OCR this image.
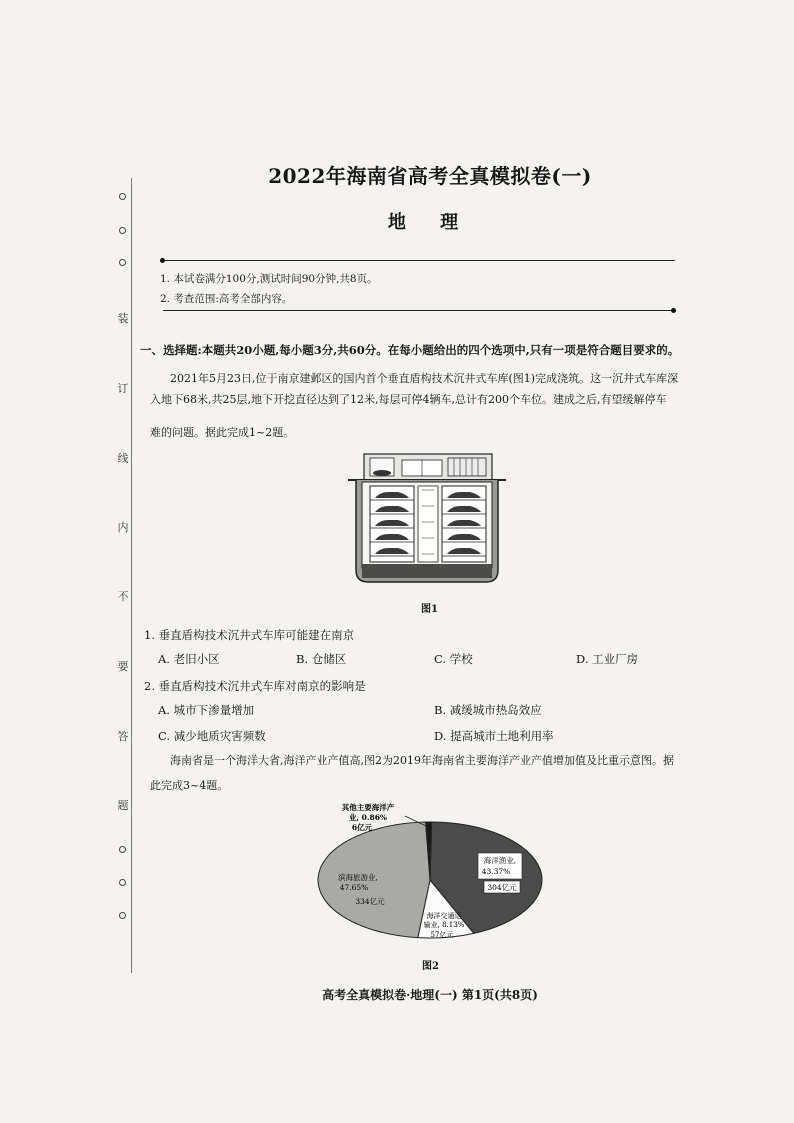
装
订
线
内
不
要
答
题
2022年海南省高考全真模拟卷(一)
地 理
1. 本试卷满分100分,测试时间90分钟,共8页。
2. 考查范围:高考全部内容。
一、选择题:本题共20小题,每小题3分,共60分。在每小题给出的四个选项中,只有一项是符合题目要求的。
2021年5月23日,位于南京建邺区的国内首个垂直盾构技术沉井式车库(图1)完成浇筑。这一沉井式车库深
入地下68米,共25层,地下开挖直径达到了12米,每层可停4辆车,总计有200个车位。建成之后,有望缓解停车
难的问题。据此完成1~2题。
图1
1. 垂直盾构技术沉井式车库可能建在南京
A. 老旧小区	B. 仓储区	C. 学校	D. 工业厂房
2. 垂直盾构技术沉井式车库对南京的影响是
A. 城市下渗量增加	B. 减缓城市热岛效应
C. 减少地质灾害频数	D. 提高城市土地利用率
海南省是一个海洋大省,海洋产业产值高,图2为2019年海南省主要海洋产业产值增加值及比重示意图。据
此完成3~4题。
其他主要海洋产
业, 0.86%
6亿元
海洋渔业,
43.37%
304亿元
滨海旅游业,
47.65%
334亿元
海洋交通运
输业, 8.13%
57亿元
图2
高考全真模拟卷·地理(一) 第1页(共8页)
